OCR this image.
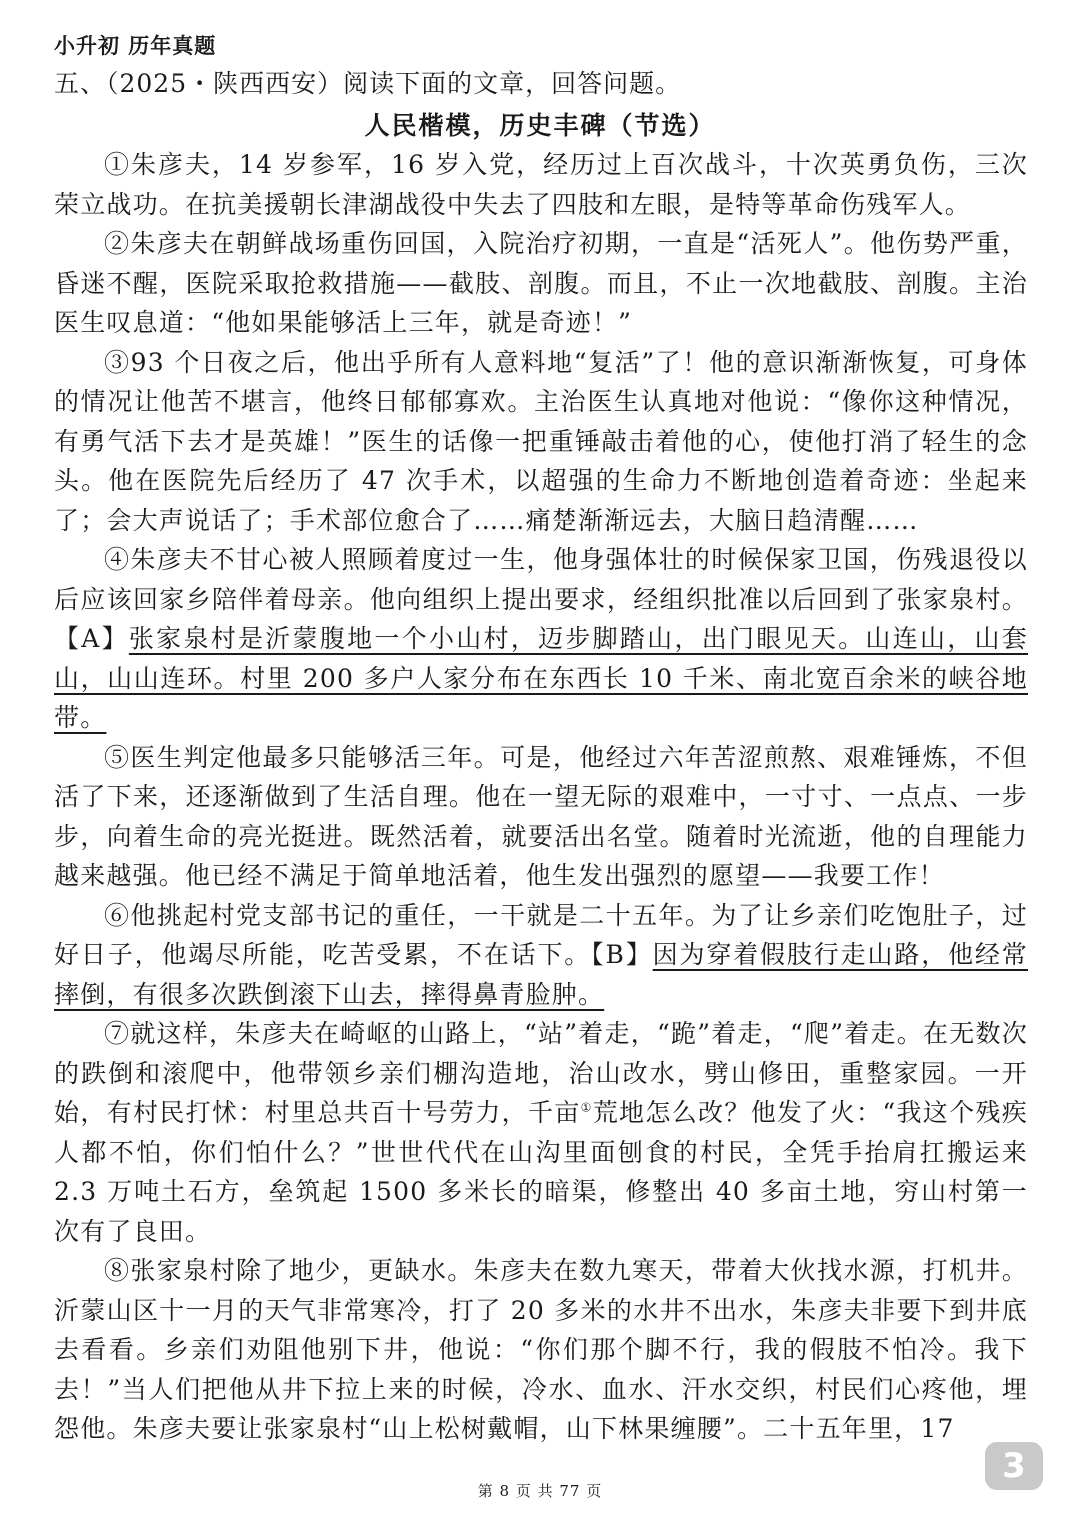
小升初 历年真题
五、（2025・陕西西安）阅读下面的文章，回答问题。
人民楷模，历史丰碑（节选）

①朱彦夫，14 岁参军，16 岁入党，经历过上百次战斗，十次英勇负伤，三次荣立战功。在抗美援朝长津湖战役中失去了四肢和左眼，是特等革命伤残军人。

②朱彦夫在朝鲜战场重伤回国，入院治疗初期，一直是“活死人”。他伤势严重，昏迷不醒，医院采取抢救措施——截肢、剖腹。而且，不止一次地截肢、剖腹。主治医生叹息道：“他如果能够活上三年，就是奇迹！”

③93 个日夜之后，他出乎所有人意料地“复活”了！他的意识渐渐恢复，可身体的情况让他苦不堪言，他终日郁郁寡欢。主治医生认真地对他说：“像你这种情况，有勇气活下去才是英雄！”医生的话像一把重锤敲击着他的心，使他打消了轻生的念头。他在医院先后经历了 47 次手术，以超强的生命力不断地创造着奇迹：坐起来了；会大声说话了；手术部位愈合了……痛楚渐渐远去，大脑日趋清醒……

④朱彦夫不甘心被人照顾着度过一生，他身强体壮的时候保家卫国，伤残退役以后应该回家乡陪伴着母亲。他向组织上提出要求，经组织批准以后回到了张家泉村。【A】张家泉村是沂蒙腹地一个小山村，迈步脚踏山，出门眼见天。山连山，山套山，山山连环。村里 200 多户人家分布在东西长 10 千米、南北宽百余米的峡谷地带。

⑤医生判定他最多只能够活三年。可是，他经过六年苦涩煎熬、艰难锤炼，不但活了下来，还逐渐做到了生活自理。他在一望无际的艰难中，一寸寸、一点点、一步步，向着生命的亮光挺进。既然活着，就要活出名堂。随着时光流逝，他的自理能力越来越强。他已经不满足于简单地活着，他生发出强烈的愿望——我要工作！

⑥他挑起村党支部书记的重任，一干就是二十五年。为了让乡亲们吃饱肚子，过好日子，他竭尽所能，吃苦受累，不在话下。【B】因为穿着假肢行走山路，他经常摔倒，有很多次跌倒滚下山去，摔得鼻青脸肿。

⑦就这样，朱彦夫在崎岖的山路上，“站”着走，“跪”着走，“爬”着走。在无数次的跌倒和滚爬中，他带领乡亲们棚沟造地，治山改水，劈山修田，重整家园。一开始，有村民打怵：村里总共百十号劳力，千亩①荒地怎么改？他发了火：“我这个残疾人都不怕，你们怕什么？”世世代代在山沟里面刨食的村民，全凭手抬肩扛搬运来 2.3 万吨土石方，垒筑起 1500 多米长的暗渠，修整出 40 多亩土地，穷山村第一次有了良田。

⑧张家泉村除了地少，更缺水。朱彦夫在数九寒天，带着大伙找水源，打机井。沂蒙山区十一月的天气非常寒冷，打了 20 多米的水井不出水，朱彦夫非要下到井底去看看。乡亲们劝阻他别下井，他说：“你们那个脚不行，我的假肢不怕冷。我下去！”当人们把他从井下拉上来的时候，冷水、血水、汗水交织，村民们心疼他，埋怨他。朱彦夫要让张家泉村“山上松树戴帽，山下林果缠腰”。二十五年里，17

第 8 页 共 77 页
3
